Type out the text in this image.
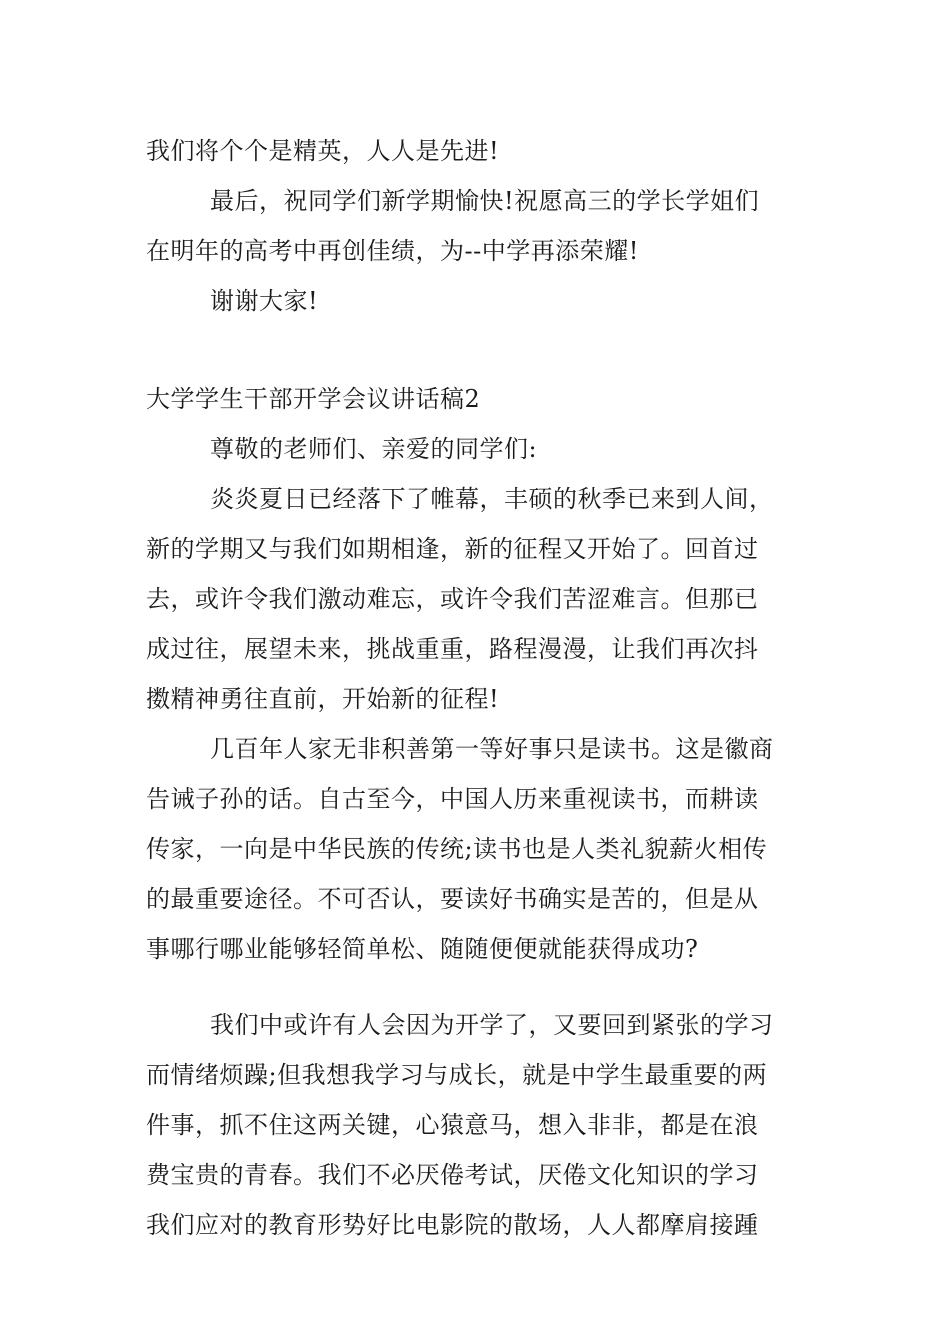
我们将个个是精英，人人是先进!
最后，祝同学们新学期愉快!祝愿高三的学长学姐们
在明年的高考中再创佳绩，为--中学再添荣耀!
谢谢大家!
大学学生干部开学会议讲话稿2
尊敬的老师们、亲爱的同学们:
炎炎夏日已经落下了帷幕，丰硕的秋季已来到人间，
新的学期又与我们如期相逢，新的征程又开始了。回首过
去，或许令我们激动难忘，或许令我们苦涩难言。但那已
成过往，展望未来，挑战重重，路程漫漫，让我们再次抖
擞精神勇往直前，开始新的征程!
几百年人家无非积善第一等好事只是读书。这是徽商
告诫子孙的话。自古至今，中国人历来重视读书，而耕读
传家，一向是中华民族的传统;读书也是人类礼貌薪火相传
的最重要途径。不可否认，要读好书确实是苦的，但是从
事哪行哪业能够轻简单松、随随便便就能获得成功?
我们中或许有人会因为开学了，又要回到紧张的学习
而情绪烦躁;但我想我学习与成长，就是中学生最重要的两
件事，抓不住这两关键，心猿意马，想入非非，都是在浪
费宝贵的青春。我们不必厌倦考试，厌倦文化知识的学习
我们应对的教育形势好比电影院的散场，人人都摩肩接踵
